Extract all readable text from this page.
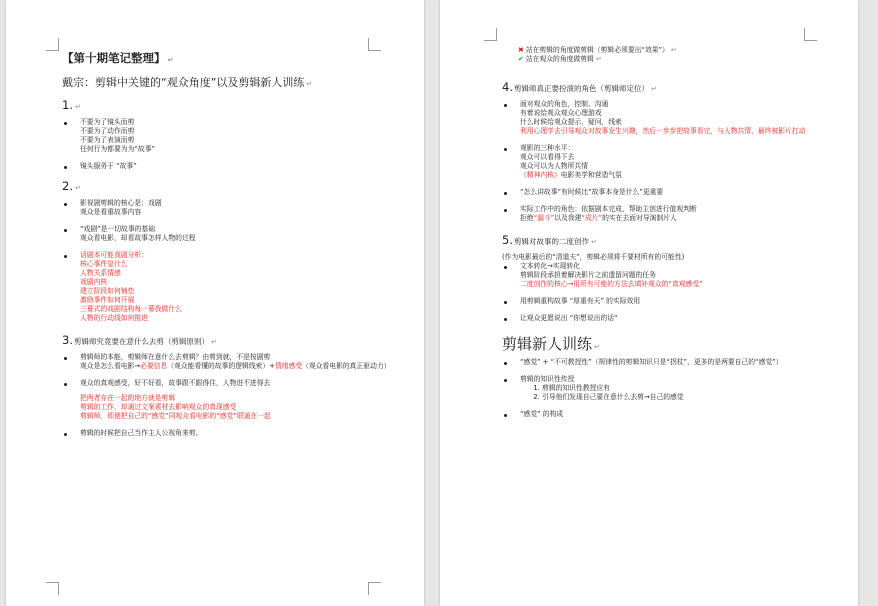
【第十期笔记整理】 ↵
戴宗：剪辑中关键的“观众角度”以及剪辑新人训练 ↵
1. ↵
不要为了镜头而剪
不要为了动作而剪
不要为了表演而剪
任何行为都要为为“故事”
镜头服务于 “故事”
2. ↵
影视剧剪辑的核心是：戏剧
观众是看重故事内容
“戏剧”是一切故事的基础
观众看电影，却看故事怎样人物的过程
话剧本可能戏剧分析：
核心事件是什么
人物关系情感
戏剧内核
建立阶段如何铺垫
激励事件如何开展
三幕式的戏剧结构每一幕我做什么
人物的行动线如何推进
3.剪辑师究竟要在意什么去剪（剪辑原则） ↵
剪辑师的本能，剪辑师在意什么去剪辑？由剪到就，不是按剧剪
观众是怎么看电影→必要信息（观众能看懂的故事的逻辑线索）+情绪感受（观众看电影的真正驱动力）
观众的真观感受，好不好看，故事跟不跟得住，人物进不进得去
把两者存在一起的地方就是剪辑
剪辑的工作，却通过文案素材去影响观众的真现感受
剪辑师，即便把自己的“感觉”同观众看电影的“感觉”联通在一起
剪辑的时候把自己当作主人公视角来剪。
✖ 站在剪辑的角度做剪辑（剪辑必须要出“效果”） ↵
✔ 站在观众的角度做剪辑 ↵
4.剪辑师真正要扮演的角色（剪辑师定位） ↵
面对观众的角色，控制、沟通
有着说给观众观众心理游戏
什么时候给观众提示，疑问，线索
利用心理学去引导观众对故事发生兴趣，然后一步步把故事看完，与人物共情，最终被影片打动
观影的三种水平：
观众可以看得下去
观众可以为人物所共情
《精神内核》电影美学和营造气氛
“怎么讲故事”有时候比“故事本身是什么”更重要
实际工作中的角色：依据剧本完成，帮助主创进行值观判断
拒绝“漏斗”以及我建“成片”的实在去面对导演制片人
5.剪辑对故事的二度创作 ↵
(作为电影最后的“清道夫”，剪辑必须将千要材所有的可能性)
文本转化→实现转化
剪辑阶段承担着解决影片之前遗留问题的任务
二度创作的核心→用所有可能的方法去填补观众的“真观感受”
用剪辑重构故事 “厚重有天” 的实际效用
让观众更愿说出 “你想说出的话”
剪辑新人训练 ↵
“感觉” + “不可教授性”（规律性的剪辑知识只是“拐杖”，更多的是两要自己的“感觉”）
剪辑的知识性传授
1. 剪辑的知识性教授应有
2. 引导他们发现自己要在意什么去剪→自己的感觉
“感觉” 的构成
